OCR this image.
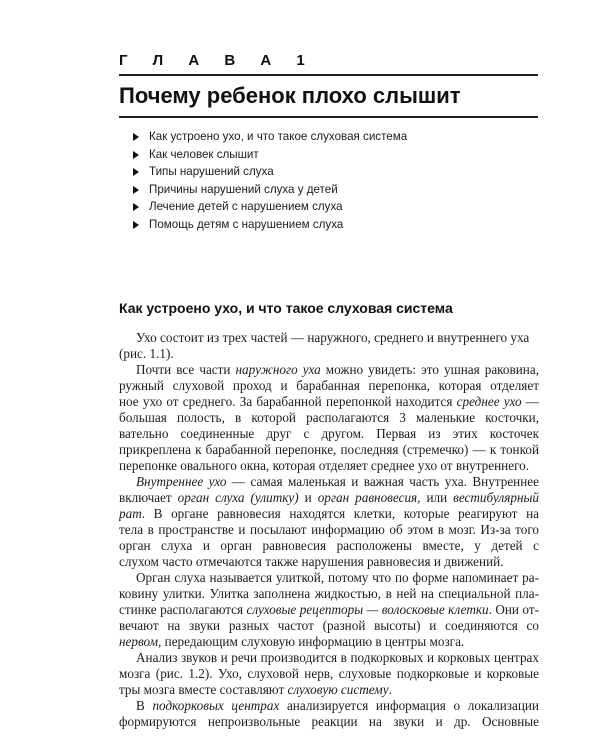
Г Л А В А 1
Почему ребенок плохо слышит
Как устроено ухо, и что такое слуховая система
Как человек слышит
Типы нарушений слуха
Причины нарушений слуха у детей
Лечение детей с нарушением слуха
Помощь детям с нарушением слуха
Как устроено ухо, и что такое слуховая система
Ухо состоит из трех частей — наружного, среднего и внутреннего уха
(рис. 1.1).
Почти все части наружного уха можно увидеть: это ушная раковина,
ружный слуховой проход и барабанная перепонка, которая отделяет
ное ухо от среднего. За барабанной перепонкой находится среднее ухо —
большая полость, в которой располагаются 3 маленькие косточки,
вательно соединенные друг с другом. Первая из этих косточек
прикреплена к барабанной перепонке, последняя (стремечко) — к тонкой
перепонке овального окна, которая отделяет среднее ухо от внутреннего.
Внутреннее ухо — самая маленькая и важная часть уха. Внутреннее
включает орган слуха (улитку) и орган равновесия, или вестибулярный
рат. В органе равновесия находятся клетки, которые реагируют на
тела в пространстве и посылают информацию об этом в мозг. Из-за того
орган слуха и орган равновесия расположены вместе, у детей с
слухом часто отмечаются также нарушения равновесия и движений.
Орган слуха называется улиткой, потому что по форме напоминает ра-
ковину улитки. Улитка заполнена жидкостью, в ней на специальной пла-
стинке располагаются слуховые рецепторы — волосковые клетки. Они от-
вечают на звуки разных частот (разной высоты) и соединяются со
нервом, передающим слуховую информацию в центры мозга.
Анализ звуков и речи производится в подкорковых и корковых центрах
мозга (рис. 1.2). Ухо, слуховой нерв, слуховые подкорковые и корковые
тры мозга вместе составляют слуховую систему.
В подкорковых центрах анализируется информация о локализации
формируются непроизвольные реакции на звуки и др. Основные
